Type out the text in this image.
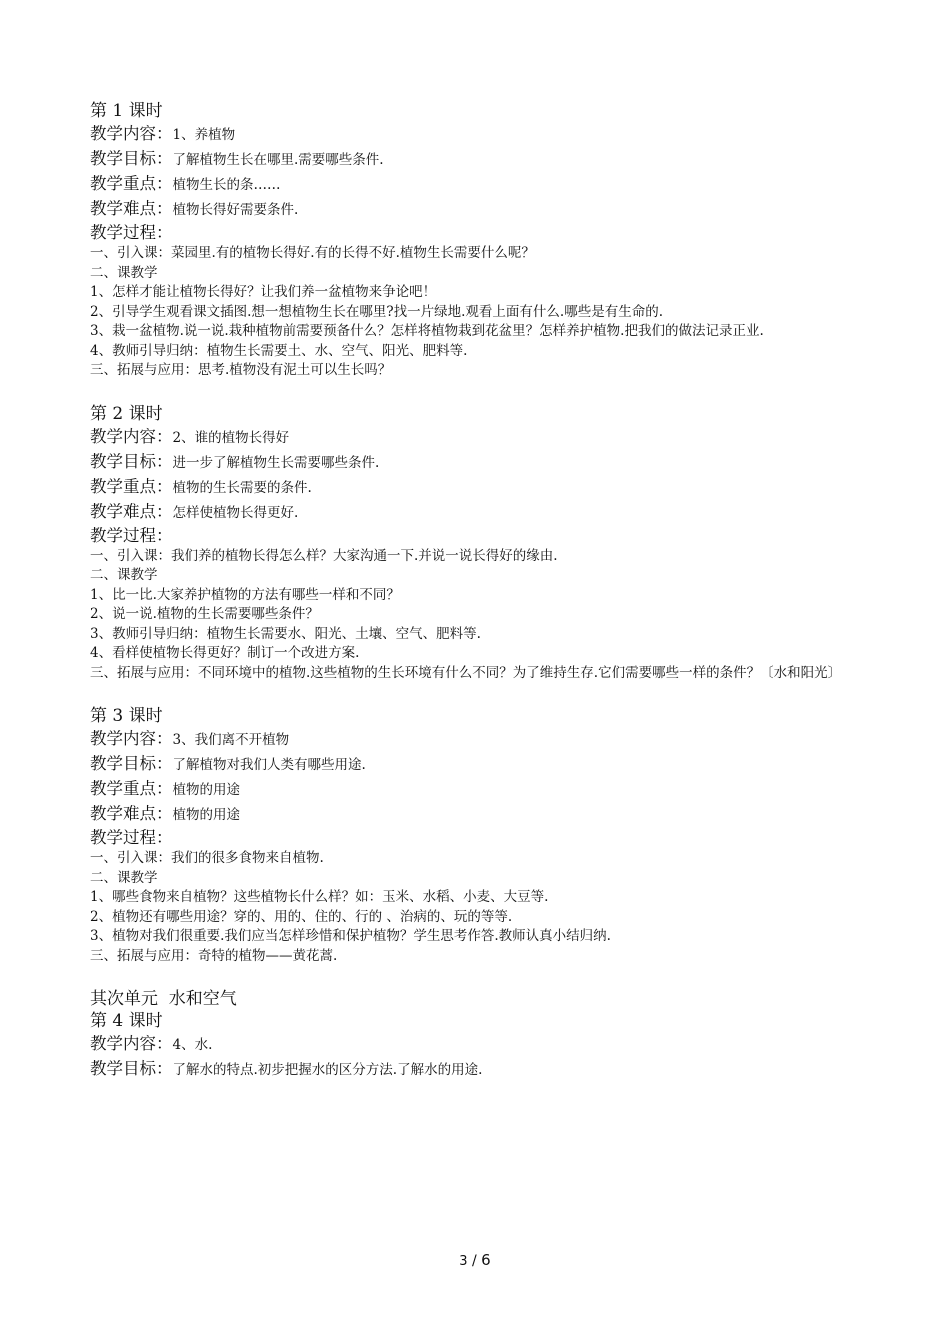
第 1 课时

教学内容：1、养植物

教学目标：了解植物生长在哪里.需要哪些条件.

教学重点：植物生长的条……

教学难点：植物长得好需要条件.

教学过程：

一、引入课：菜园里.有的植物长得好.有的长得不好.植物生长需要什么呢？

二、课教学

1、怎样才能让植物长得好？让我们养一盆植物来争论吧！

2、引导学生观看课文插图.想一想植物生长在哪里?找一片绿地.观看上面有什么.哪些是有生命的.

3、栽一盆植物.说一说.栽种植物前需要预备什么？怎样将植物栽到花盆里？怎样养护植物.把我们的做法记录正业.

4、教师引导归纳：植物生长需要土、水、空气、阳光、肥料等.

三、拓展与应用：思考.植物没有泥土可以生长吗？

第 2 课时

教学内容：2、谁的植物长得好

教学目标：进一步了解植物生长需要哪些条件.

教学重点：植物的生长需要的条件.

教学难点：怎样使植物长得更好.

教学过程：

一、引入课：我们养的植物长得怎么样？大家沟通一下.并说一说长得好的缘由.

二、课教学

1、比一比.大家养护植物的方法有哪些一样和不同？

2、说一说.植物的生长需要哪些条件？

3、教师引导归纳：植物生长需要水、阳光、土壤、空气、肥料等.

4、看样使植物长得更好？制订一个改进方案.

三、拓展与应用：不同环境中的植物.这些植物的生长环境有什么不同？为了维持生存.它们需要哪些一样的条件？〔水和阳光〕

第 3 课时

教学内容：3、我们离不开植物

教学目标：了解植物对我们人类有哪些用途.

教学重点：植物的用途

教学难点：植物的用途

教学过程：

一、引入课：我们的很多食物来自植物.

二、课教学

1、哪些食物来自植物？这些植物长什么样？如：玉米、水稻、小麦、大豆等.

2、植物还有哪些用途？穿的、用的、住的、行的 、治病的、玩的等等.

3、植物对我们很重要.我们应当怎样珍惜和保护植物？学生思考作答.教师认真小结归纳.

三、拓展与应用：奇特的植物——黄花蒿.

其次单元  水和空气

第 4 课时

教学内容：4、水.

教学目标：了解水的特点.初步把握水的区分方法.了解水的用途.

3 / 6
